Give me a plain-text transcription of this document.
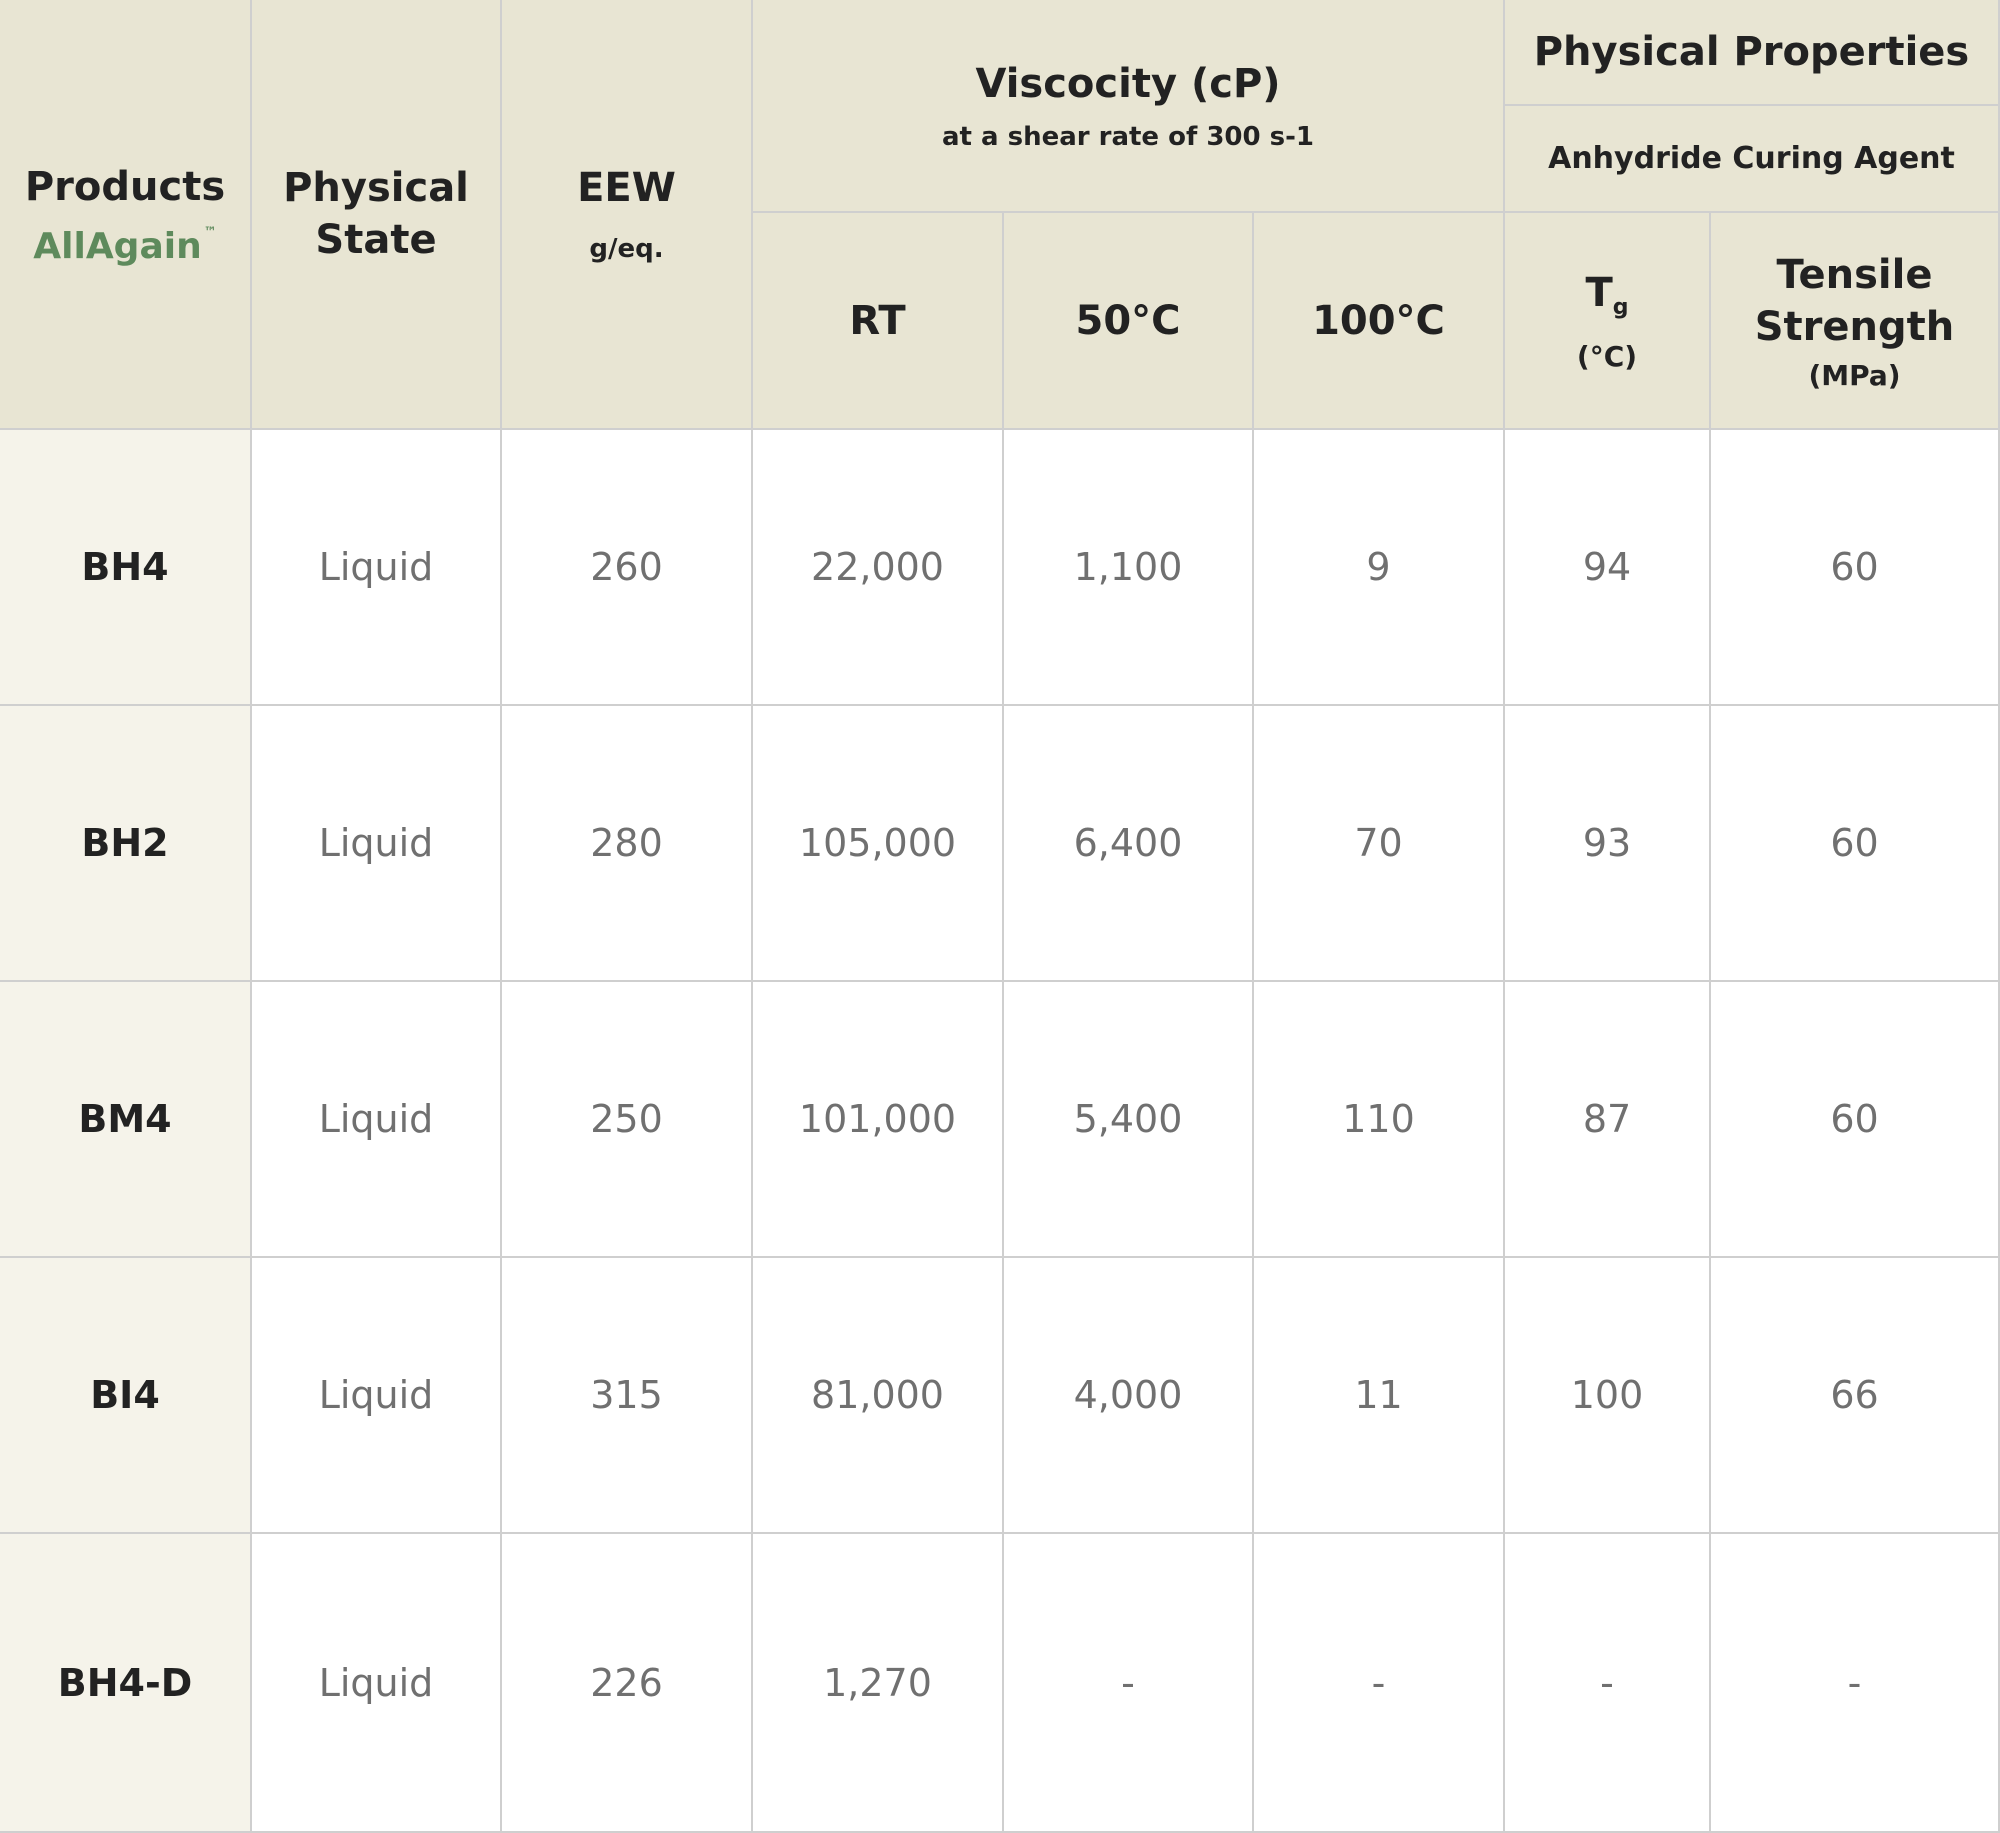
Products
AllAgain ™
Physical
State
EEW
g/eq.
Viscocity (cP)
at a shear rate of 300 s-1
Physical Properties
Anhydride Curing Agent
RT	50°C	100°C
$T_g$
(°C)
Tensile
Strength
(MPa)
BH4	Liquid	260	22,000	1,100	9	94	60
BH2	Liquid	280	105,000	6,400	70	93	60
BM4	Liquid	250	101,000	5,400	110	87	60
BI4	Liquid	315	81,000	4,000	11	100	66
BH4-D	Liquid	226	1,270	-	-	-	-
